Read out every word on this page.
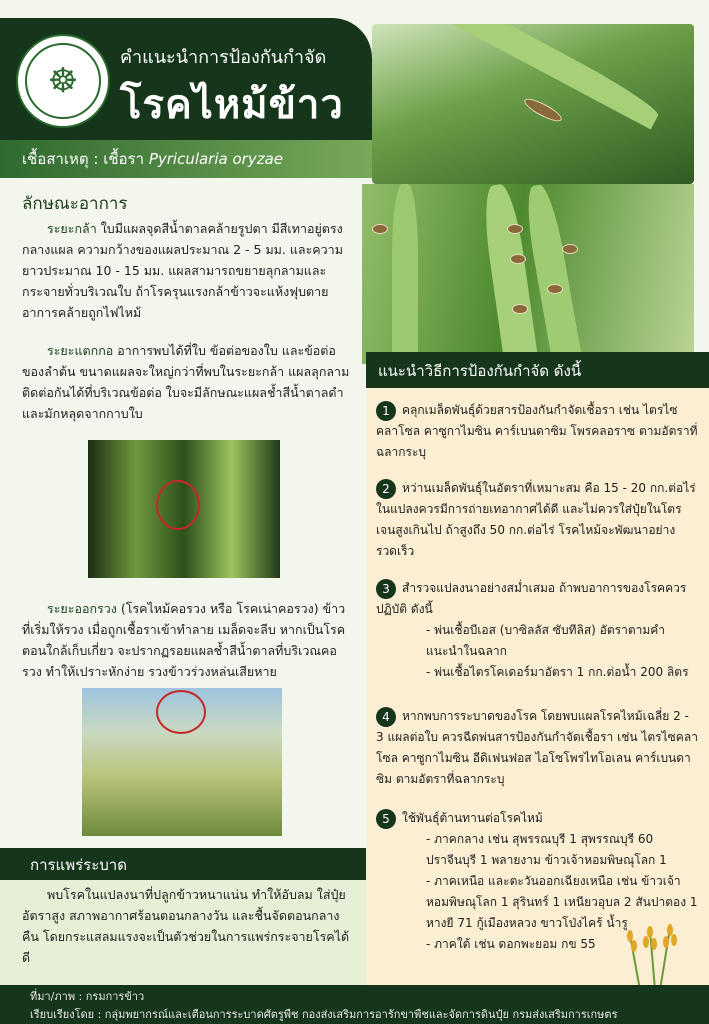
☸
คำแนะนำการป้องกันกำจัด
โรคไหม้ข้าว
เชื้อสาเหตุ : เชื้อรา Pyricularia oryzae
ลักษณะอาการ
  ระยะกล้า ใบมีแผลจุดสีน้ำตาลคล้ายรูปตา มีสีเทาอยู่ตรงกลางแผล ความกว้างของแผลประมาณ 2 - 5 มม. และความยาวประมาณ 10 - 15 มม. แผลสามารถขยายลุกลามและกระจายทั่วบริเวณใบ ถ้าโรครุนแรงกล้าข้าวจะแห้งฟุบตาย อาการคล้ายถูกไฟไหม้
  ระยะแตกกอ อาการพบได้ที่ใบ ข้อต่อของใบ และข้อต่อของลำต้น ขนาดแผลจะใหญ่กว่าที่พบในระยะกล้า แผลลุกลามติดต่อกันได้ที่บริเวณข้อต่อ ใบจะมีลักษณะแผลช้ำสีน้ำตาลดำ และมักหลุดจากกาบใบ
  ระยะออกรวง (โรคไหม้คอรวง หรือ โรคเน่าคอรวง) ข้าวที่เริ่มให้รวง เมื่อถูกเชื้อราเข้าทำลาย เมล็ดจะลีบ หากเป็นโรคตอนใกล้เก็บเกี่ยว จะปรากฏรอยแผลช้ำสีน้ำตาลที่บริเวณคอรวง ทำให้เปราะหักง่าย รวงข้าวร่วงหล่นเสียหาย
การแพร่ระบาด
  พบโรคในแปลงนาที่ปลูกข้าวหนาแน่น ทำให้อับลม ใส่ปุ๋ยอัตราสูง สภาพอากาศร้อนตอนกลางวัน และชื้นจัดตอนกลางคืน โดยกระแสลมแรงจะเป็นตัวช่วยในการแพร่กระจายโรคได้ดี
แนะนำวิธีการป้องกันกำจัด ดังนี้
1 คลุกเมล็ดพันธุ์ด้วยสารป้องกันกำจัดเชื้อรา เช่น ไตรไซคลาโซล คาซูกาไมซิน คาร์เบนดาซิม โพรคลอราซ ตามอัตราที่ฉลากระบุ
2 หว่านเมล็ดพันธุ์ในอัตราที่เหมาะสม คือ 15 - 20 กก.ต่อไร่ ในแปลงควรมีการถ่ายเทอากาศได้ดี และไม่ควรใส่ปุ๋ยในโตรเจนสูงเกินไป ถ้าสูงถึง 50 กก.ต่อไร่ โรคไหม้จะพัฒนาอย่างรวดเร็ว
3 สำรวจแปลงนาอย่างสม่ำเสมอ ถ้าพบอาการของโรคควรปฏิบัติ ดังนี้
- พ่นเชื้อบีเอส (บาซิลลัส ซับทีลิส) อัตราตามคำแนะนำในฉลาก
- พ่นเชื้อไตรโคเดอร์มาอัตรา 1 กก.ต่อน้ำ 200 ลิตร
4 หากพบการระบาดของโรค โดยพบแผลโรคไหม้เฉลี่ย 2 - 3 แผลต่อใบ ควรฉีดพ่นสารป้องกันกำจัดเชื้อรา เช่น ไตรไซคลาโซล คาซูกาไมซิน อีดิเฟนฟอส ไอโซโพรไทโอเลน คาร์เบนดาซิม ตามอัตราที่ฉลากระบุ
5 ใช้พันธุ์ต้านทานต่อโรคไหม้
- ภาคกลาง เช่น สุพรรณบุรี 1 สุพรรณบุรี 60 ปราจีนบุรี 1 พลายงาม ข้าวเจ้าหอมพิษณุโลก 1
- ภาคเหนือ และตะวันออกเฉียงเหนือ เช่น ข้าวเจ้าหอมพิษณุโลก 1 สุรินทร์ 1 เหนียวอุบล 2 สันปาตอง 1 หางยี 71 กู้เมืองหลวง ขาวโป่งไคร้ น้ำรู
- ภาคใต้ เช่น ดอกพะยอม กข 55
ที่มา/ภาพ : กรมการข้าว
เรียบเรียงโดย : กลุ่มพยากรณ์และเตือนการระบาดศัตรูพืช กองส่งเสริมการอารักขาพืชและจัดการดินปุ๋ย กรมส่งเสริมการเกษตร
